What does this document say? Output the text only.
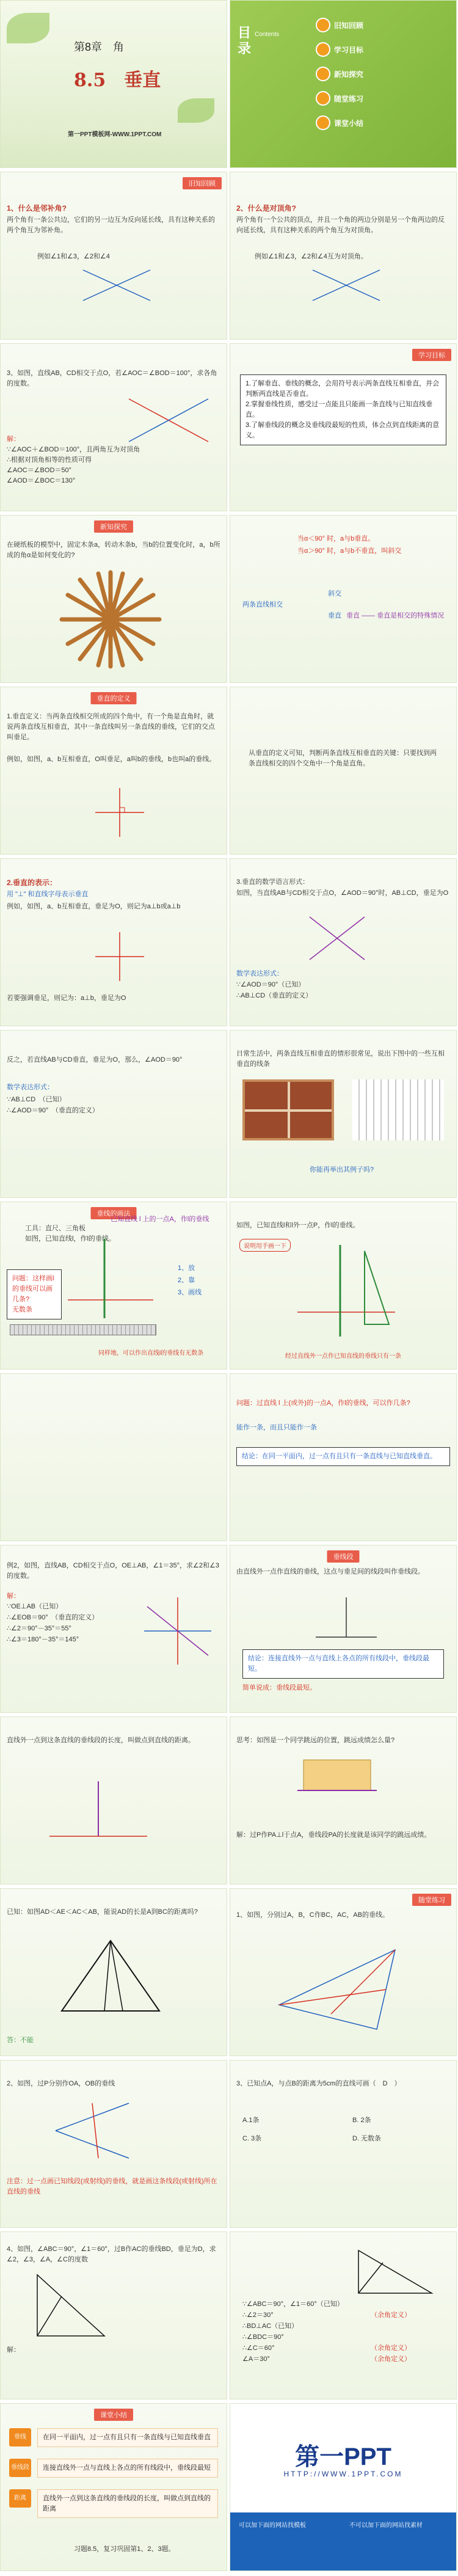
第8章　角
8.5　垂直
第一PPT模板网-WWW.1PPT.COM
目录
Contents
旧知回顾
学习目标
新知探究
随堂练习
课堂小结
旧知回顾
1、什么是邻补角?
两个角有一条公共边，它们的另一边互为反向延长线，具有这种关系的两个角互为邻补角。
例如∠1和∠3，∠2和∠4
2、什么是对顶角?
两个角有一个公共的顶点，并且一个角的两边分别是另一个角两边的反向延长线，具有这种关系的两个角互为对顶角。
例如∠1和∠3，∠2和∠4互为对顶角。
3、如图，直线AB，CD相交于点O，若∠AOC＝∠BOD＝100°，求各角的度数。
解：
∵∠AOC＋∠BOD＝100°，且两角互为对顶角
∴根据对顶角相等的性质可得
∠AOC＝∠BOD＝50°
∠AOD＝∠BOC＝130°
学习目标
1.了解垂直、垂线的概念，会用符号表示两条直线互相垂直，并会判断两直线是否垂直。
2.掌握垂线性质，感受过一点能且只能画一条直线与已知直线垂直。
3.了解垂线段的概念及垂线段最短的性质，体会点到直线距离的意义。
新知探究
在硬纸板的模型中，固定木条a，转动木条b，当b的位置变化时，a，b所成的角α是如何变化的?
当α＜90° 时，a与b垂直。
当α＞90° 时，a与b不垂直，叫斜交
斜交
两条直线相交
垂直 垂直 —— 垂直是相交的特殊情况
垂直的定义
1.垂直定义：当两条直线相交所成的四个角中，有一个角是直角时，就说两条直线互相垂直，其中一条直线叫另一条直线的垂线，它们的交点叫垂足。
例如，如图，a、b互相垂直，O叫垂足，a叫b的垂线，b也叫a的垂线。
从垂直的定义可知，判断两条直线互相垂直的关键：只要找到两条直线相交的四个交角中一个角是直角。
2.垂直的表示：
用 "⊥" 和直线字母表示垂直
例如，如图，a、b互相垂直，垂足为O，则记为a⊥b或a⊥b
若要强调垂足，则记为：a⊥b，垂足为O
3.垂直的数学语言形式：
如图，当直线AB与CD相交于点O，∠AOD＝90°时，AB⊥CD，垂足为O
数学表达形式：
∵∠AOD＝90°（已知）
∴AB⊥CD（垂直的定义）
反之，若直线AB与CD垂直，垂足为O，那么，∠AOD＝90°
数学表达形式：
∵AB⊥CD　（已知）
∴∠AOD＝90°　（垂直的定义）
日常生活中，两条直线互相垂直的情形很常见，说出下图中的一些互相垂直的线条
你能再举出其例子吗?
垂线的画法
工具：直尺、三角板
如图，已知直线l，作l的垂线。
已知直线 l 上的一点A，作l的垂线
问题：这样画l的垂线可以画几条?
无数条
1、放
2、靠
3、画线
同样地，可以作出直线l的垂线有无数条
如图，已知直线l和l外一点P，作l的垂线。
说明用手画一下
经过直线外一点作已知直线的垂线只有一条
问题：过直线 l 上(或外)的一点A，作l的垂线，可以作几条?
能作一条，而且只能作一条
结论：在同一平面内，过一点有且只有一条直线与已知直线垂直。
例2，如图，直线AB，CD相交于点O，OE⊥AB，∠1＝35°，求∠2和∠3的度数。
解：
∵OE⊥AB（已知）
∴∠EOB＝90°　（垂直的定义）
∴∠2＝90°－35°＝55°
∴∠3＝180°－35°＝145°
垂线段
由直线外一点作直线的垂线，这点与垂足间的线段叫作垂线段。
结论：连接直线外一点与直线上各点的所有线段中，垂线段最短。
简单说成：垂线段最短。
直线外一点到这条直线的垂线段的长度，叫做点到直线的距离。	思考：如图是一个同学跳远的位置，跳远成绩怎么量?
解：过P作PA⊥l于点A，垂线段PA的长度就是该同学的跳远成绩。
已知：如图AD＜AE＜AC＜AB，能说AD的长是A到BC的距离吗?
答：不能
随堂练习
1、如图，分别过A，B，C作BC，AC，AB的垂线。
2、如图，过P分别作OA，OB的垂线
注意：过一点画已知线段(或射线)的垂线，就是画这条线段(或射线)所在直线的垂线
3、已知点A，与点B的距离为5cm的直线可画（　D　）
A.1条	B. 2条
C. 3条	D. 无数条
4、如图，∠ABC＝90°，∠1＝60°，过B作AC的垂线BD，垂足为D，求∠2，∠3，∠A，∠C的度数
解：
∵∠ABC＝90°，∠1＝60°（已知）
∴∠2＝30°
∴BD⊥AC（已知）
∴∠BDC＝90°
∴∠C＝60°
∠A＝30°
（余角定义）
（余角定义）
（余角定义）
课堂小结
垂线	在同一平面内，过一点有且只有一条直线与已知直线垂直
垂线段	连接直线外一点与直线上各点的所有线段中，垂线段最短
距离	直线外一点到这条直线的垂线段的长度，叫做点到直线的距离
习题8.5，复习巩固第1、2、3题。
第一PPT
HTTP://WWW.1PPT.COM
可以加下面的网站找模板	不可以加下面的网站找素材
